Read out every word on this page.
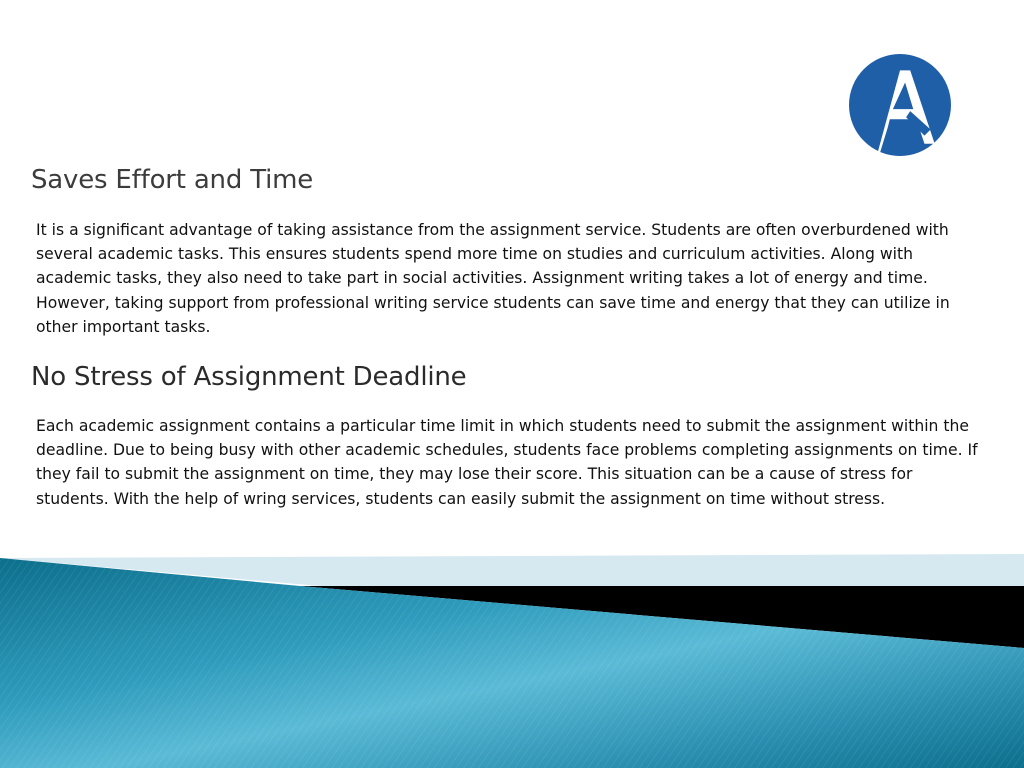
Saves Effort and Time

It is a significant advantage of taking assistance from the assignment service. Students are often overburdened with several academic tasks. This ensures students spend more time on studies and curriculum activities. Along with academic tasks, they also need to take part in social activities. Assignment writing takes a lot of energy and time. However, taking support from professional writing service students can save time and energy that they can utilize in other important tasks.

No Stress of Assignment Deadline

Each academic assignment contains a particular time limit in which students need to submit the assignment within the deadline. Due to being busy with other academic schedules, students face problems completing assignments on time. If they fail to submit the assignment on time, they may lose their score. This situation can be a cause of stress for students. With the help of wring services, students can easily submit the assignment on time without stress.
